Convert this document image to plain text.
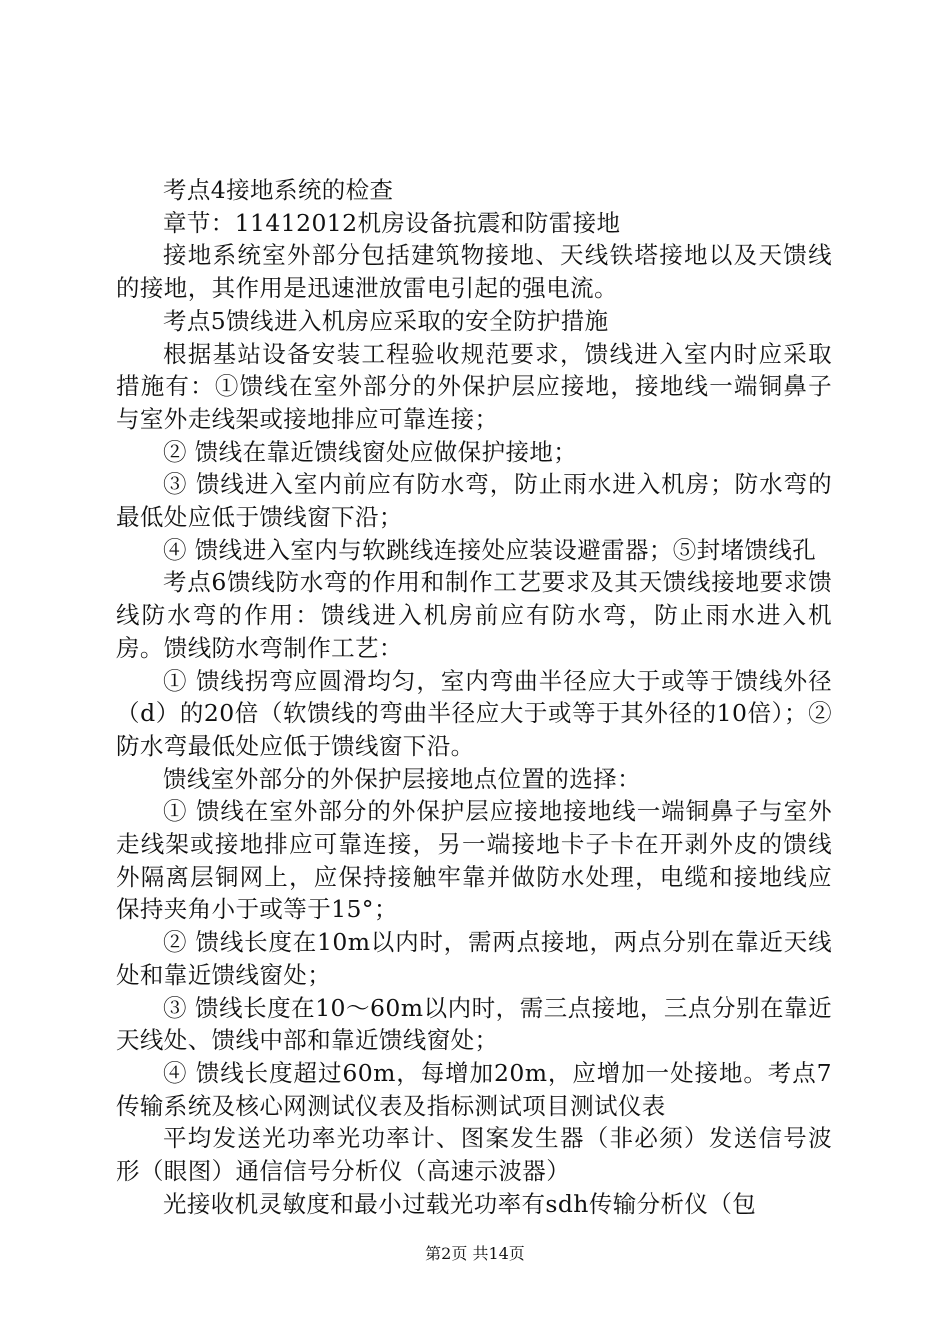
考点4接地系统的检查

章节：11412012机房设备抗震和防雷接地

接地系统室外部分包括建筑物接地、天线铁塔接地以及天馈线的接地，其作用是迅速泄放雷电引起的强电流。

考点5馈线进入机房应采取的安全防护措施

根据基站设备安装工程验收规范要求，馈线进入室内时应采取措施有：①馈线在室外部分的外保护层应接地，接地线一端铜鼻子与室外走线架或接地排应可靠连接；

② 馈线在靠近馈线窗处应做保护接地；

③ 馈线进入室内前应有防水弯，防止雨水进入机房；防水弯的最低处应低于馈线窗下沿；

④ 馈线进入室内与软跳线连接处应装设避雷器；⑤封堵馈线孔

考点6馈线防水弯的作用和制作工艺要求及其天馈线接地要求馈线防水弯的作用：馈线进入机房前应有防水弯，防止雨水进入机房。馈线防水弯制作工艺：

① 馈线拐弯应圆滑均匀，室内弯曲半径应大于或等于馈线外径（d）的20倍（软馈线的弯曲半径应大于或等于其外径的10倍）；②防水弯最低处应低于馈线窗下沿。

馈线室外部分的外保护层接地点位置的选择：

① 馈线在室外部分的外保护层应接地接地线一端铜鼻子与室外走线架或接地排应可靠连接，另一端接地卡子卡在开剥外皮的馈线外隔离层铜网上，应保持接触牢靠并做防水处理，电缆和接地线应保持夹角小于或等于15°；

② 馈线长度在10m以内时，需两点接地，两点分别在靠近天线处和靠近馈线窗处；

③ 馈线长度在10～60m以内时，需三点接地，三点分别在靠近天线处、馈线中部和靠近馈线窗处；

④ 馈线长度超过60m，每增加20m，应增加一处接地。考点7传输系统及核心网测试仪表及指标测试项目测试仪表

平均发送光功率光功率计、图案发生器（非必须）发送信号波形（眼图）通信信号分析仪（高速示波器）

光接收机灵敏度和最小过载光功率有sdh传输分析仪（包

第2页 共14页
